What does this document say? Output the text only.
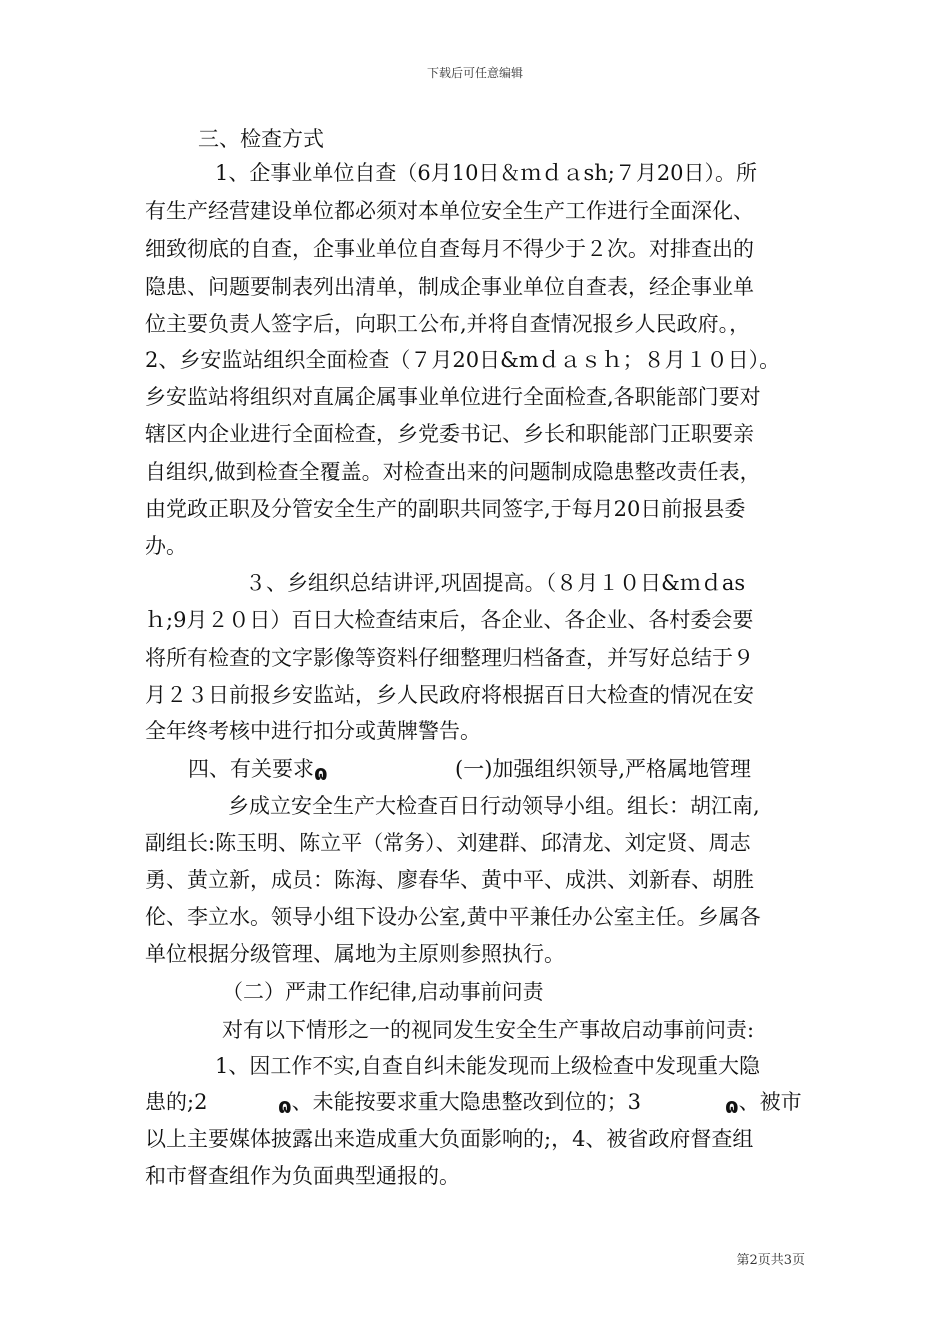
下载后可任意编辑
三、检查方式
1、企事业单位自查（6月10日＆ｍｄａsh;７月20日）。所
有生产经营建设单位都必须对本单位安全生产工作进行全面深化、
细致彻底的自查，企事业单位自查每月不得少于２次。对排查出的
隐患、问题要制表列出清单，制成企事业单位自查表，经企事业单
位主要负责人签字后，向职工公布,并将自查情况报乡人民政府。，
2、乡安监站组织全面检查（７月20日&mｄａｓｈ；８月１０日）。
乡安监站将组织对直属企属事业单位进行全面检查,各职能部门要对
辖区内企业进行全面检查，乡党委书记、乡长和职能部门正职要亲
自组织,做到检查全覆盖。对检查出来的问题制成隐患整改责任表，
由党政正职及分管安全生产的副职共同签字,于每月20日前报县委
办。
３、乡组织总结讲评,巩固提高。（８月１０日&ｍｄas
ｈ;9月２０日）百日大检查结束后，各企业、各企业、各村委会要
将所有检查的文字影像等资料仔细整理归档备查，并写好总结于９
月２３日前报乡安监站，乡人民政府将根据百日大检查的情况在安
全年终考核中进行扣分或黄牌警告。
四、有关要求ɷ	(一)加强组织领导,严格属地管理
乡成立安全生产大检查百日行动领导小组。组长：胡江南,
副组长:陈玉明、陈立平（常务）、刘建群、邱清龙、刘定贤、周志
勇、黄立新，成员：陈海、廖春华、黄中平、成洪、刘新春、胡胜
伦、李立水。领导小组下设办公室,黄中平兼任办公室主任。乡属各
单位根据分级管理、属地为主原则参照执行。
（二）严肃工作纪律,启动事前问责
对有以下情形之一的视同发生安全生产事故启动事前问责:
1、因工作不实,自查自纠未能发现而上级检查中发现重大隐
患的;2	ɷ、未能按要求重大隐患整改到位的；3	ɷ、被市
以上主要媒体披露出来造成重大负面影响的;，4、被省政府督查组
和市督查组作为负面典型通报的。
第2页共3页
